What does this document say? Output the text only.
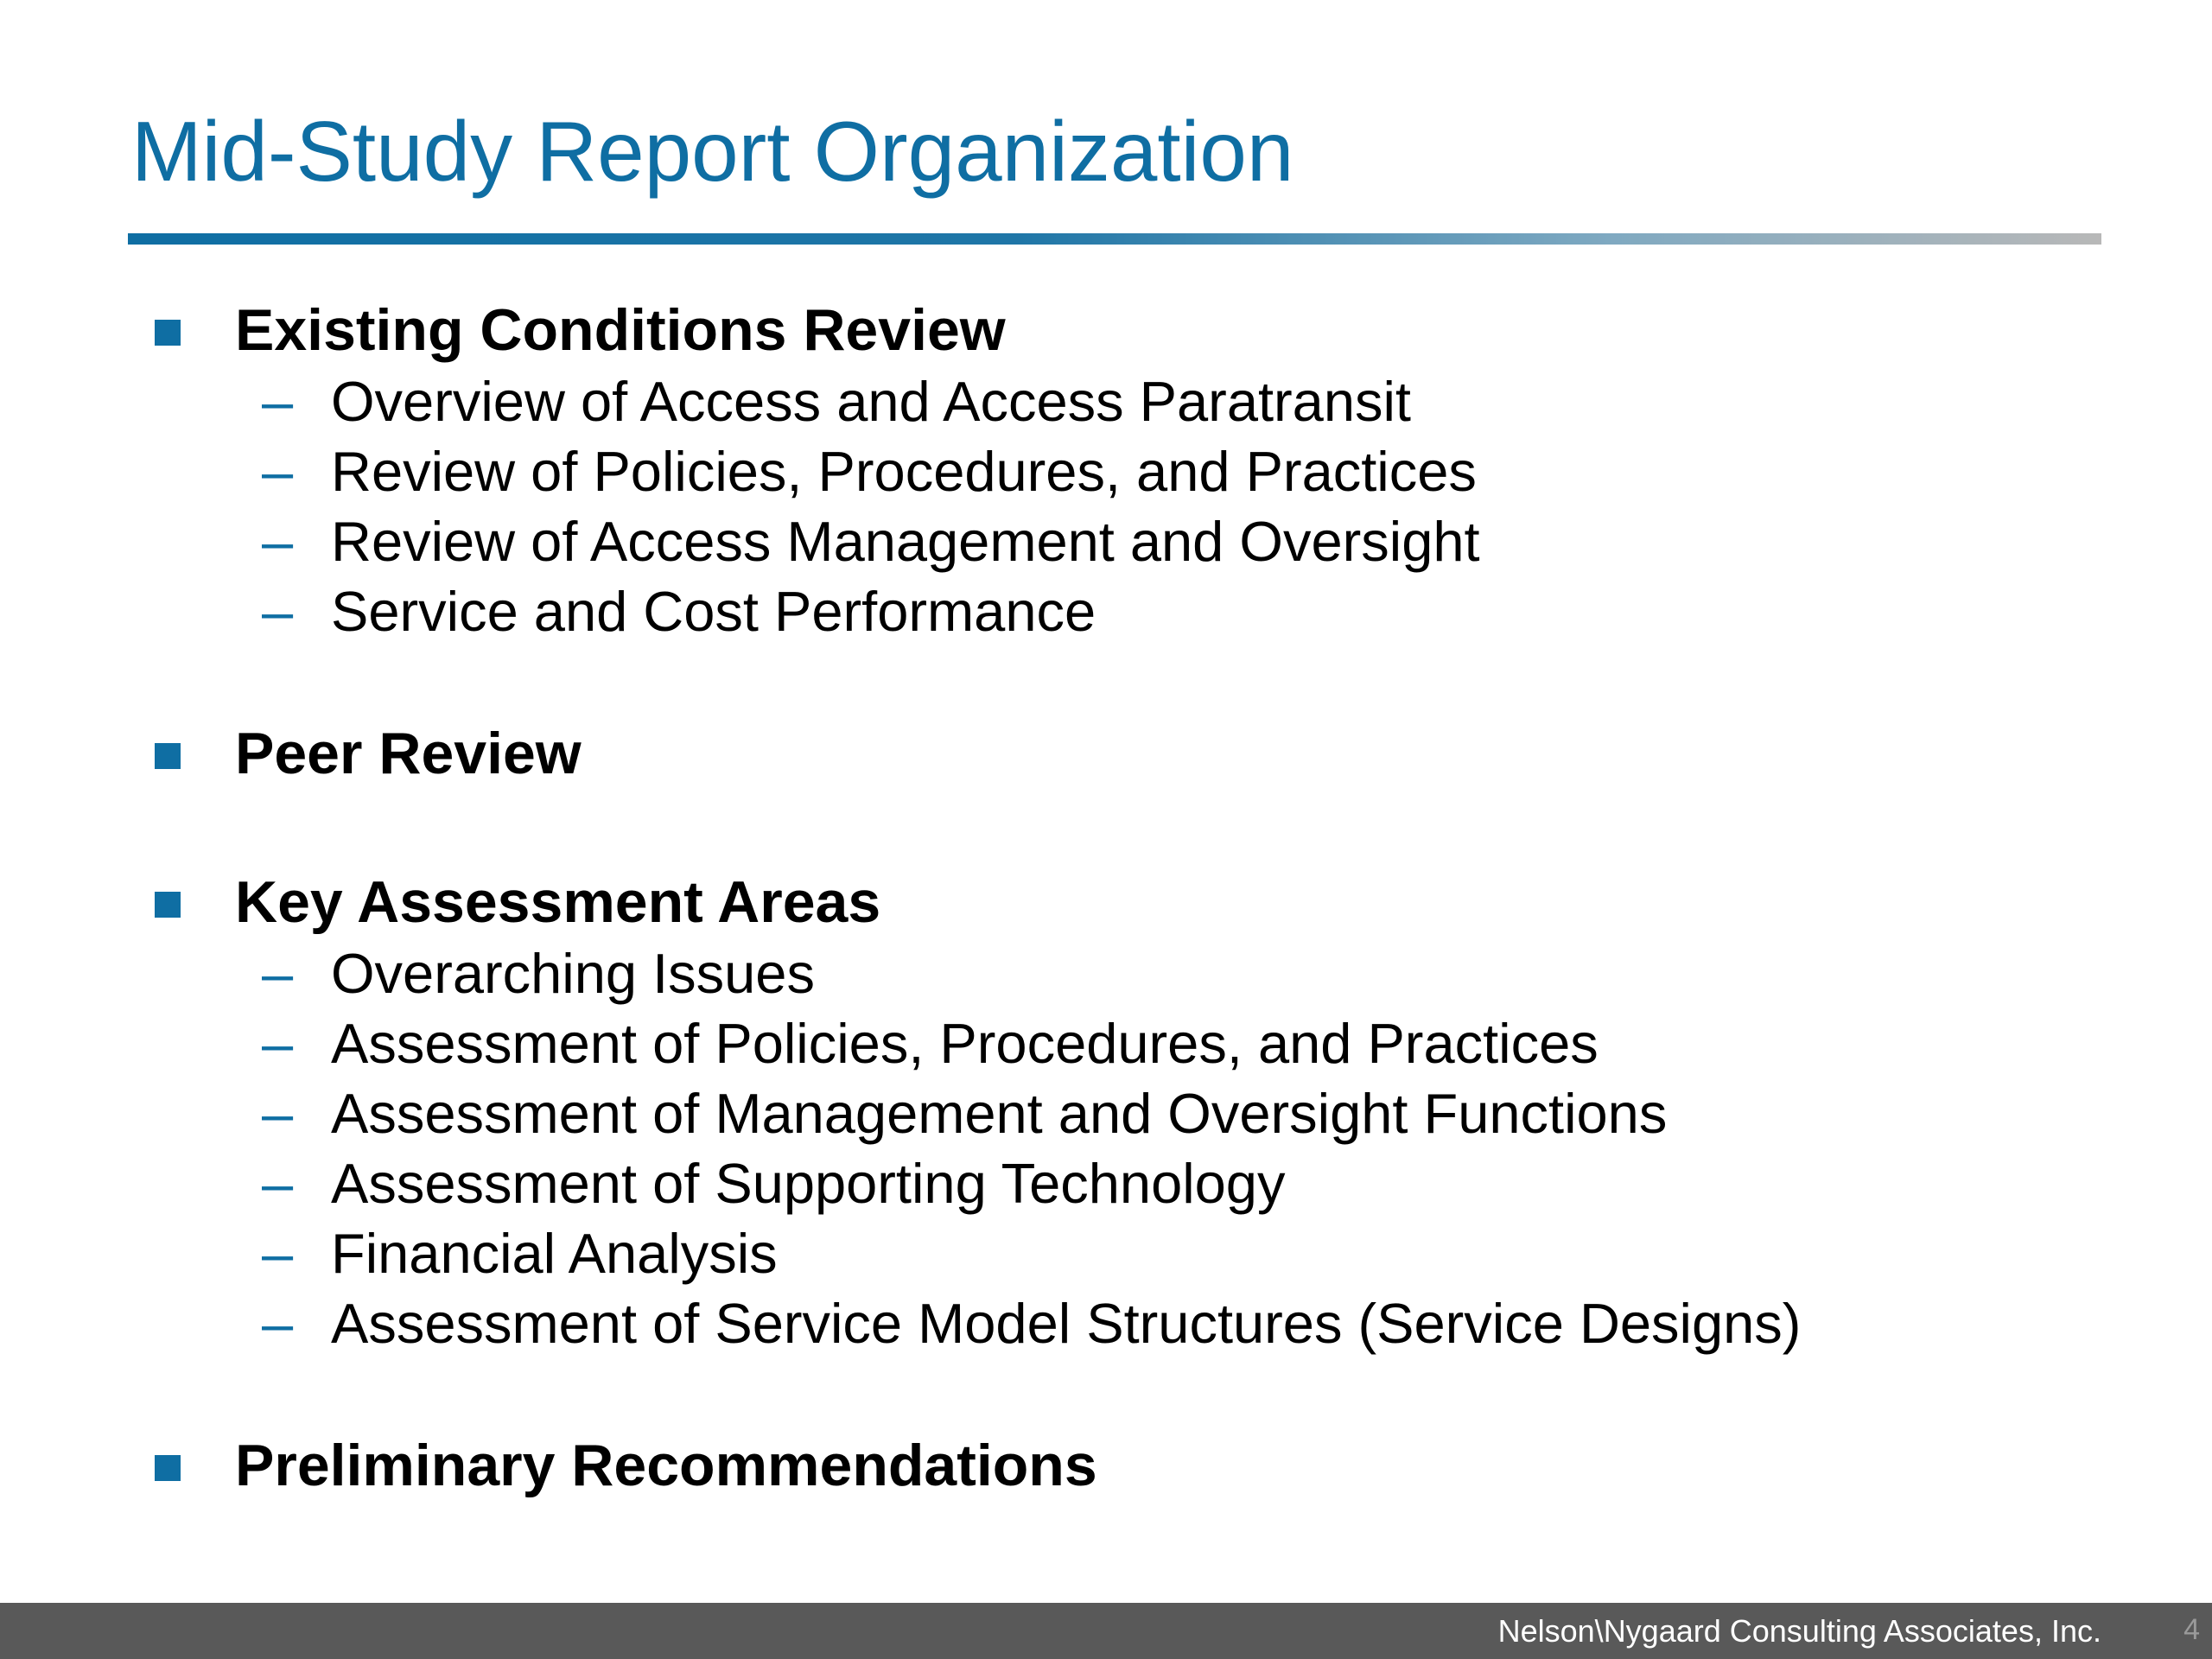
Mid-Study Report Organization
Existing Conditions Review
– Overview of Access and Access Paratransit
– Review of Policies, Procedures, and Practices
– Review of Access Management and Oversight
– Service and Cost Performance
Peer Review
Key Assessment Areas
– Overarching Issues
– Assessment of Policies, Procedures, and Practices
– Assessment of Management and Oversight Functions
– Assessment of Supporting Technology
– Financial Analysis
– Assessment of Service Model Structures (Service Designs)
Preliminary Recommendations
Nelson\Nygaard Consulting Associates, Inc.	4
